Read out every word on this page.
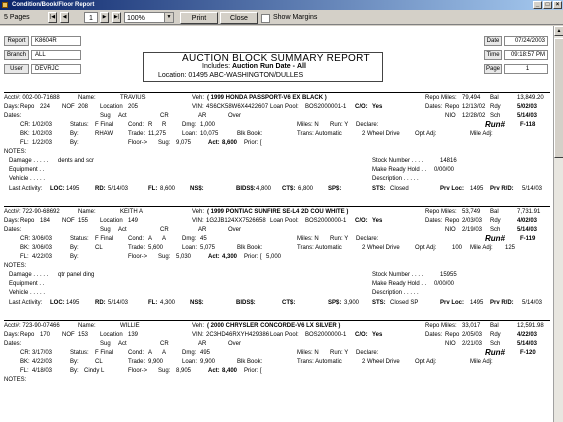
Condition/Book/Floor Report	_	□	×
5 Pages	|◀	◀	1	▶	▶|	100%	▼	Print	Close	Show Margins
Report	K8604R
Branch	ALL
User	DEVRJC
AUCTION BLOCK SUMMARY REPORT
Includes: Auction Run Date - All
Location: 01495 ABC-WASHINGTON/DULLES
Date	07/24/2003
Time	09:18:57 PM
Page	1
Acct#: 002-00-71688	Name:	TRAVIUS	Veh: ( 1999 HONDA PASSPORT-V6 EX BLACK )	Repo Miles: 79,494 Bal	13,849.20
Days: Repo 224 NOF 208 Location 205	VIN: 4S6CK58W6X4422607 Loan Pool: BOS2000001-1 C/O: Yes	Dates: Repo 12/13/02 Rdy	5/02/03
Dates:	Sug Act	CR	AR	Over	NIO 12/28/02 Sch	5/14/03
CR: 1/02/03	Status: F Final Cond: R R	Dmg: 1,000	Miles: N Run: Y Declare:	Run#	F-118
BK: 1/02/03	By:	RHAW Trade: 11,275	Loan: 10,075	Blk Book:	Trans: Automatic	2 Wheel Drive	Opt Adj:	Mile Adj:
FL: 1/22/03	By:	Floor-> Sug: 9,075	Act: 8,600 Prior: [
NOTES:
Damage . . . . . dents and scr	Stock Number . . . .	14816
Equipment . .	Make Ready Hold . . 0/00/00
Vehicle . . . . .	Description . . . . .
Last Activity: LOC: 1495	RD: 5/14/03	FL: 8,600 NS$:	BIDS$: 4,800 CT$: 6,800 SP$:	STS: Closed	Prv Loc: 1495 Prv R/D: 5/14/03
Acct#: 722-90-68692	Name:	KEITH A	Veh: ( 1999 PONTIAC SUNFIRE SE-L4 2D COU WHITE )	Repo Miles: 53,749 Bal	7,731.91
Days: Repo 184 NOF 155 Location 149	VIN: 1G2JB124XX7526658 Loan Pool: BOS2000000-1 C/O: Yes	Dates: Repo 2/03/03 Rdy	4/02/03
Dates:	Sug Act	CR	AR	Over	NIO 2/19/03 Sch	5/14/03
CR: 3/06/03	Status: F Final Cond: A A	Dmg: 45	Miles: N Run: Y Declare:	Run#	F-119
BK: 3/06/03	By:	CL	Trade: 5,600	Loan: 5,075	Blk Book:	Trans: Automatic	2 Wheel Drive	Opt Adj:	100 Mile Adj: 125
FL: 4/22/03	By:	Floor-> Sug: 5,030	Act: 4,300 Prior: [ 5,000
NOTES:
Damage . . . . . qtr panel ding	Stock Number . . . .	15955
Equipment . .	Make Ready Hold . . 0/00/00
Vehicle . . . . .	Description . . . . .
Last Activity: LOC: 1495	RD: 5/14/03	FL: 4,300 NS$:	BIDS$:	CT$:	SP$: 3,900 STS: Closed SP	Prv Loc: 1495 Prv R/D: 5/14/03
Acct#: 723-90-07466	Name:	WILLIE	Veh: ( 2000 CHRYSLER CONCORDE-V6 LX SILVER )	Repo Miles: 33,017 Bal	12,591.98
Days: Repo 170 NOF 153 Location 139	VIN: 2C3HD46RXYH429386 Loan Pool: BOS2000000-1 C/O: Yes	Dates: Repo 2/05/03 Rdy	4/22/03
Dates:	Sug Act	CR	AR	Over	NIO 2/21/03 Sch	5/14/03
CR: 3/17/03	Status: F Final Cond: A A	Dmg: 495	Miles: N Run: Y Declare:	Run#	F-120
BK: 4/22/03	By:	CL	Trade: 9,900	Loan: 9,900	Blk Book:	Trans: Automatic	2 Wheel Drive	Opt Adj:	Mile Adj:
FL: 4/18/03	By: Cindy L	Floor-> Sug: 8,905	Act: 8,400 Prior: [
NOTES:
▲
